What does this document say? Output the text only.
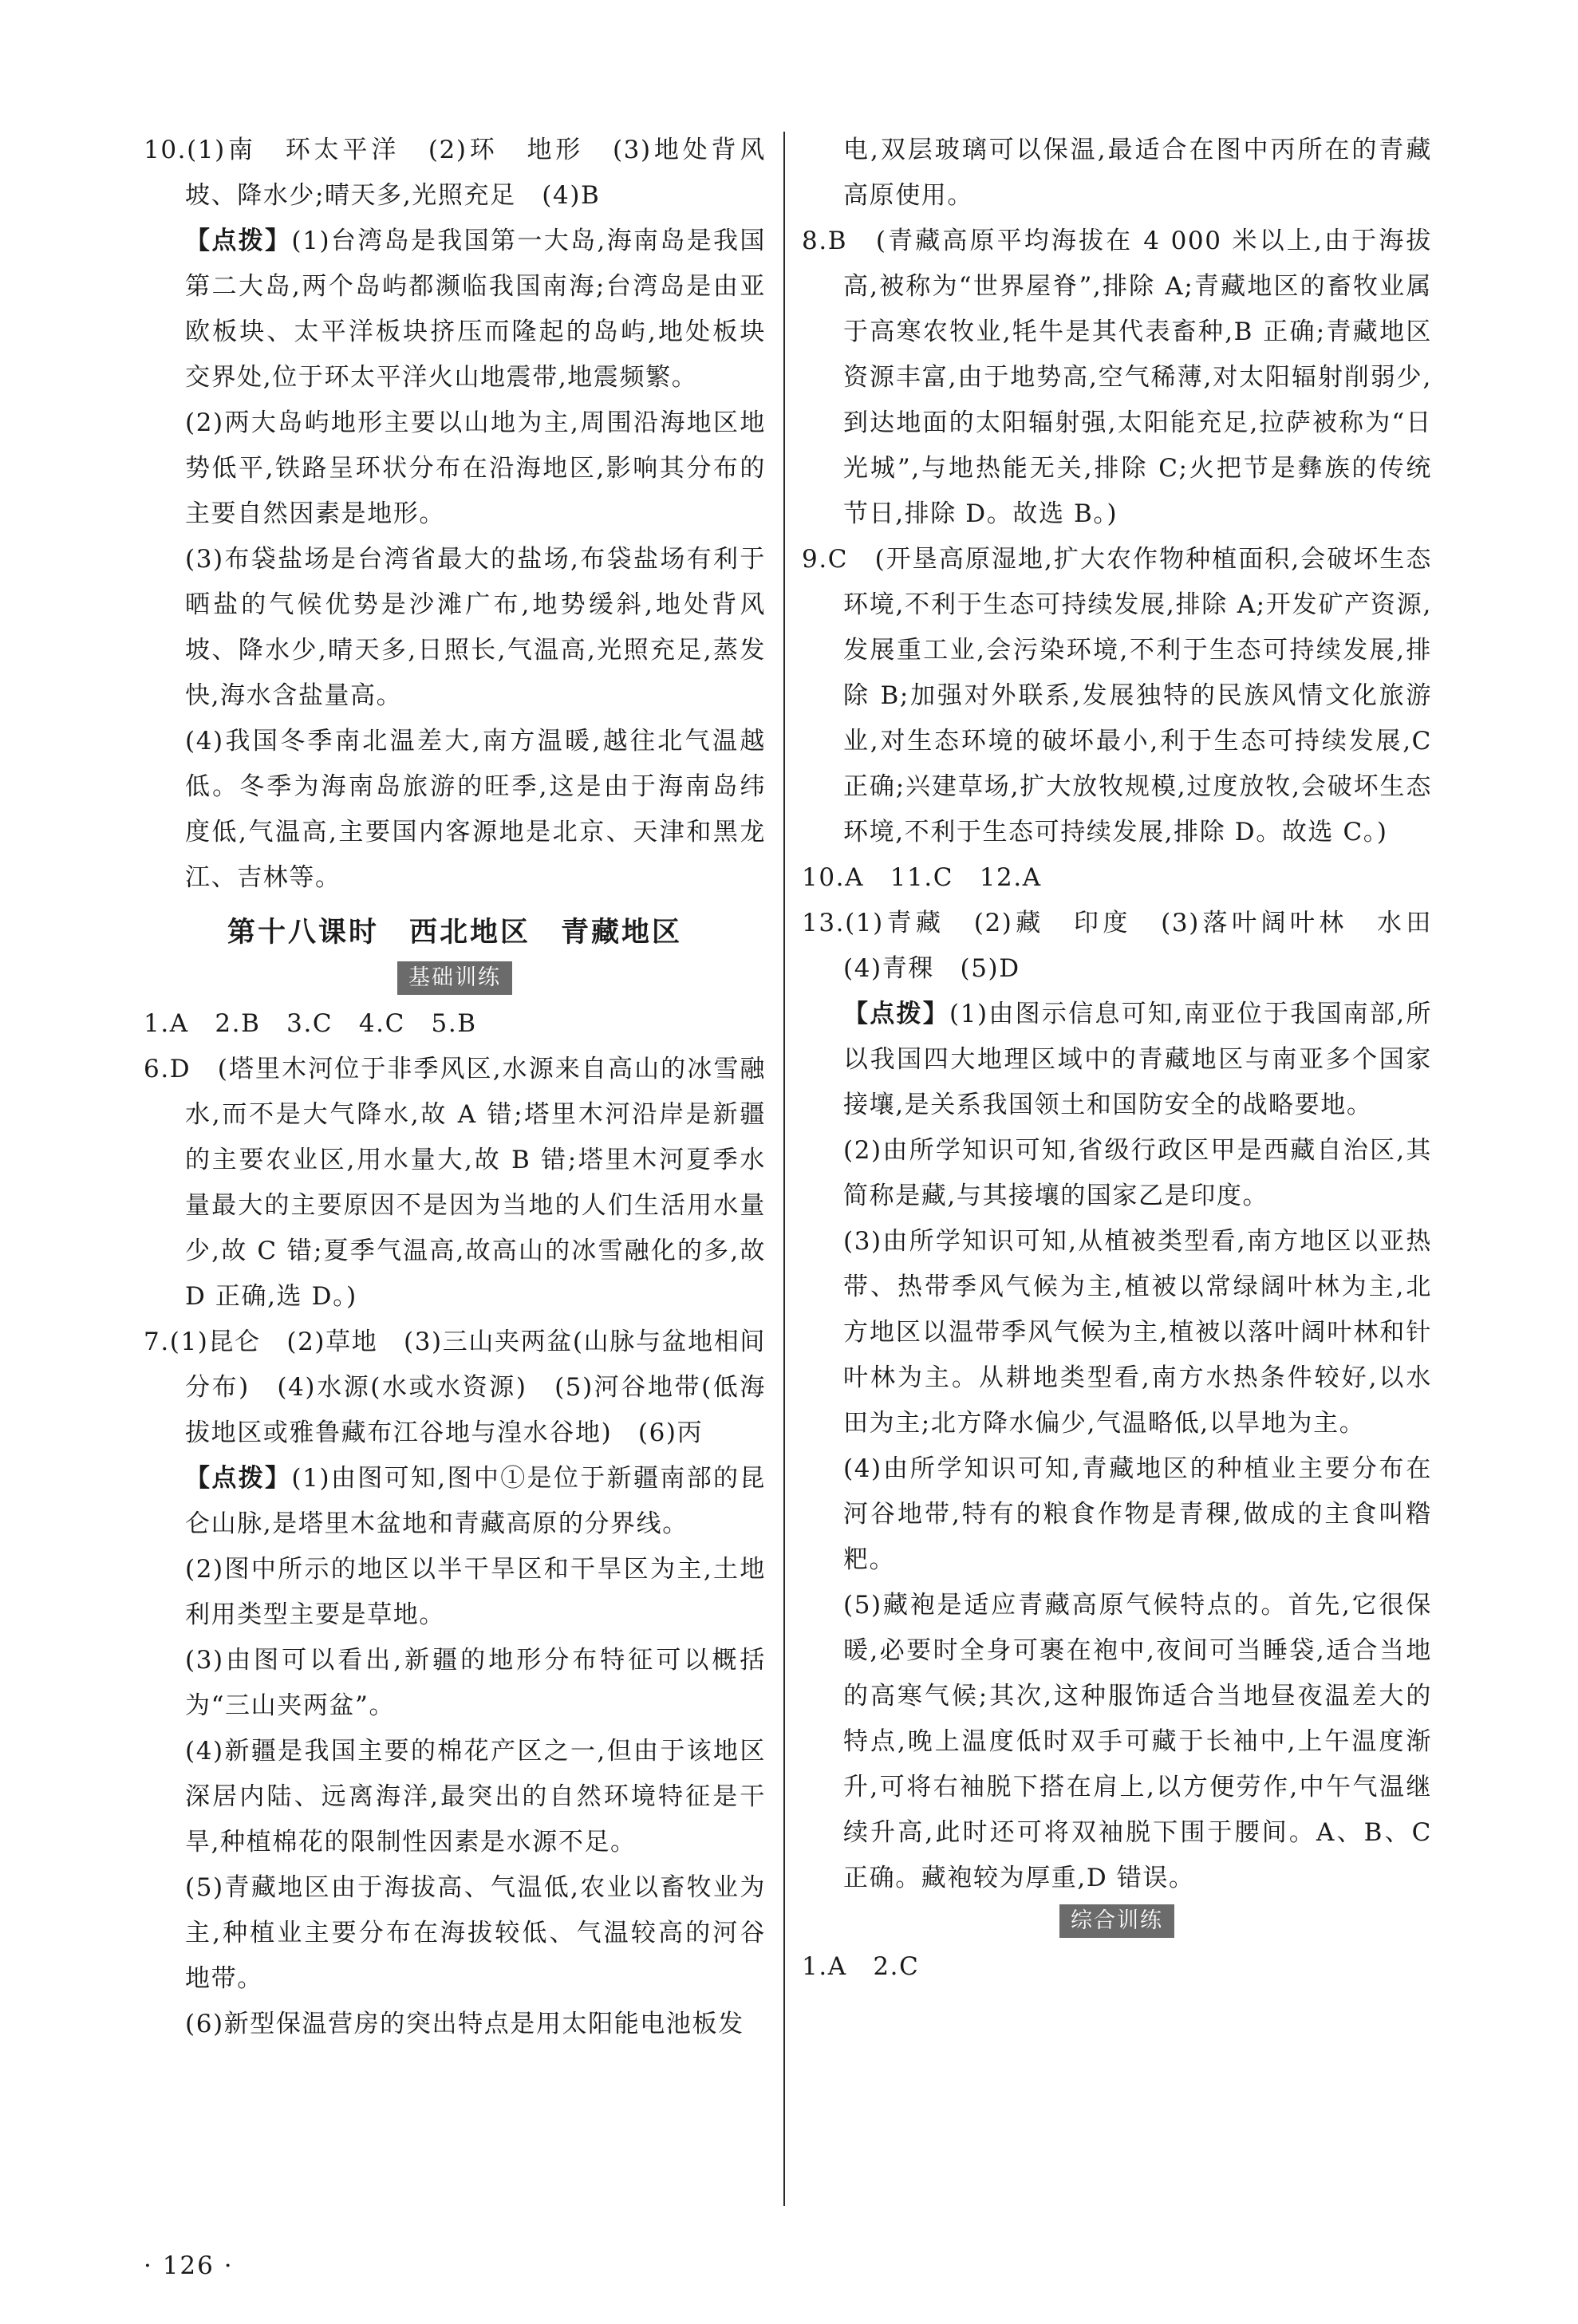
10.(1)南　环太平洋　(2)环　地形　(3)地处背风坡、降水少;晴天多,光照充足　(4)B

【点拨】(1)台湾岛是我国第一大岛,海南岛是我国第二大岛,两个岛屿都濒临我国南海;台湾岛是由亚欧板块、太平洋板块挤压而隆起的岛屿,地处板块交界处,位于环太平洋火山地震带,地震频繁。

(2)两大岛屿地形主要以山地为主,周围沿海地区地势低平,铁路呈环状分布在沿海地区,影响其分布的主要自然因素是地形。

(3)布袋盐场是台湾省最大的盐场,布袋盐场有利于晒盐的气候优势是沙滩广布,地势缓斜,地处背风坡、降水少,晴天多,日照长,气温高,光照充足,蒸发快,海水含盐量高。

(4)我国冬季南北温差大,南方温暖,越往北气温越低。冬季为海南岛旅游的旺季,这是由于海南岛纬度低,气温高,主要国内客源地是北京、天津和黑龙江、吉林等。

第十八课时　西北地区　青藏地区
基础训练

1.A　2.B　3.C　4.C　5.B

6.D　(塔里木河位于非季风区,水源来自高山的冰雪融水,而不是大气降水,故 A 错;塔里木河沿岸是新疆的主要农业区,用水量大,故 B 错;塔里木河夏季水量最大的主要原因不是因为当地的人们生活用水量少,故 C 错;夏季气温高,故高山的冰雪融化的多,故 D 正确,选 D。)

7.(1)昆仑　(2)草地　(3)三山夹两盆(山脉与盆地相间分布)　(4)水源(水或水资源)　(5)河谷地带(低海拔地区或雅鲁藏布江谷地与湟水谷地)　(6)丙

【点拨】(1)由图可知,图中①是位于新疆南部的昆仑山脉,是塔里木盆地和青藏高原的分界线。

(2)图中所示的地区以半干旱区和干旱区为主,土地利用类型主要是草地。

(3)由图可以看出,新疆的地形分布特征可以概括为“三山夹两盆”。

(4)新疆是我国主要的棉花产区之一,但由于该地区深居内陆、远离海洋,最突出的自然环境特征是干旱,种植棉花的限制性因素是水源不足。

(5)青藏地区由于海拔高、气温低,农业以畜牧业为主,种植业主要分布在海拔较低、气温较高的河谷地带。

(6)新型保温营房的突出特点是用太阳能电池板发

电,双层玻璃可以保温,最适合在图中丙所在的青藏高原使用。

8.B　(青藏高原平均海拔在 4 000 米以上,由于海拔高,被称为“世界屋脊”,排除 A;青藏地区的畜牧业属于高寒农牧业,牦牛是其代表畜种,B 正确;青藏地区资源丰富,由于地势高,空气稀薄,对太阳辐射削弱少,到达地面的太阳辐射强,太阳能充足,拉萨被称为“日光城”,与地热能无关,排除 C;火把节是彝族的传统节日,排除 D。故选 B。)

9.C　(开垦高原湿地,扩大农作物种植面积,会破坏生态环境,不利于生态可持续发展,排除 A;开发矿产资源,发展重工业,会污染环境,不利于生态可持续发展,排除 B;加强对外联系,发展独特的民族风情文化旅游业,对生态环境的破坏最小,利于生态可持续发展,C 正确;兴建草场,扩大放牧规模,过度放牧,会破坏生态环境,不利于生态可持续发展,排除 D。故选 C。)

10.A　11.C　12.A

13.(1)青藏　(2)藏　印度　(3)落叶阔叶林　水田　(4)青稞　(5)D

【点拨】(1)由图示信息可知,南亚位于我国南部,所以我国四大地理区域中的青藏地区与南亚多个国家接壤,是关系我国领土和国防安全的战略要地。

(2)由所学知识可知,省级行政区甲是西藏自治区,其简称是藏,与其接壤的国家乙是印度。

(3)由所学知识可知,从植被类型看,南方地区以亚热带、热带季风气候为主,植被以常绿阔叶林为主,北方地区以温带季风气候为主,植被以落叶阔叶林和针叶林为主。从耕地类型看,南方水热条件较好,以水田为主;北方降水偏少,气温略低,以旱地为主。

(4)由所学知识可知,青藏地区的种植业主要分布在河谷地带,特有的粮食作物是青稞,做成的主食叫糌粑。

(5)藏袍是适应青藏高原气候特点的。首先,它很保暖,必要时全身可裹在袍中,夜间可当睡袋,适合当地的高寒气候;其次,这种服饰适合当地昼夜温差大的特点,晚上温度低时双手可藏于长袖中,上午温度渐升,可将右袖脱下搭在肩上,以方便劳作,中午气温继续升高,此时还可将双袖脱下围于腰间。A、B、C 正确。藏袍较为厚重,D 错误。

综合训练

1.A　2.C

· 126 ·
